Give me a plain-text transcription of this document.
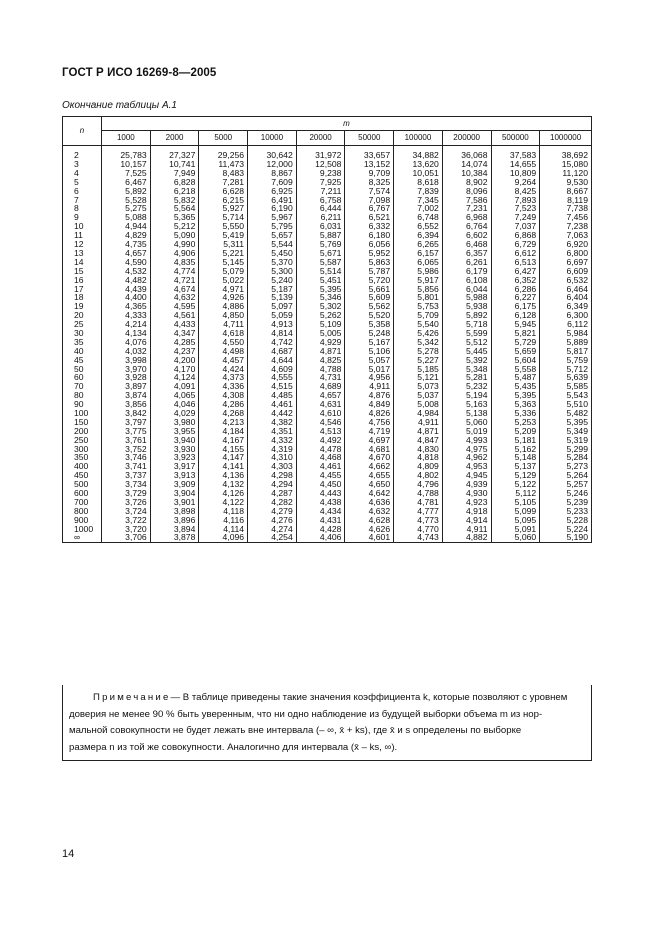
ГОСТ Р ИСО 16269-8—2005
Окончание таблицы А.1
n	m									
	1000	2000	5000	10000	20000	50000	100000	200000	500000	1000000
2	25,783	27,327	29,256	30,642	31,972	33,657	34,882	36,068	37,583	38,692
3	10,157	10,741	11,473	12,000	12,508	13,152	13,620	14,074	14,655	15,080
4	7,525	7,949	8,483	8,867	9,238	9,709	10,051	10,384	10,809	11,120
5	6,467	6,828	7,281	7,609	7,925	8,325	8,618	8,902	9,264	9,530
6	5,892	6,218	6,628	6,925	7,211	7,574	7,839	8,096	8,425	8,667
7	5,528	5,832	6,215	6,491	6,758	7,098	7,345	7,586	7,893	8,119
8	5,275	5,564	5,927	6,190	6,444	6,767	7,002	7,231	7,523	7,738
9	5,088	5,365	5,714	5,967	6,211	6,521	6,748	6,968	7,249	7,456
10	4,944	5,212	5,550	5,795	6,031	6,332	6,552	6,764	7,037	7,238
11	4,829	5,090	5,419	5,657	5,887	6,180	6,394	6,602	6,868	7,063
12	4,735	4,990	5,311	5,544	5,769	6,056	6,265	6,468	6,729	6,920
13	4,657	4,906	5,221	5,450	5,671	5,952	6,157	6,357	6,612	6,800
14	4,590	4,835	5,145	5,370	5,587	5,863	6,065	6,261	6,513	6,697
15	4,532	4,774	5,079	5,300	5,514	5,787	5,986	6,179	6,427	6,609
16	4,482	4,721	5,022	5,240	5,451	5,720	5,917	6,108	6,352	6,532
17	4,439	4,674	4,971	5,187	5,395	5,661	5,856	6,044	6,286	6,464
18	4,400	4,632	4,926	5,139	5,346	5,609	5,801	5,988	6,227	6,404
19	4,365	4,595	4,886	5,097	5,302	5,562	5,753	5,938	6,175	6,349
20	4,333	4,561	4,850	5,059	5,262	5,520	5,709	5,892	6,128	6,300
25	4,214	4,433	4,711	4,913	5,109	5,358	5,540	5,718	5,945	6,112
30	4,134	4,347	4,618	4,814	5,005	5,248	5,426	5,599	5,821	5,984
35	4,076	4,285	4,550	4,742	4,929	5,167	5,342	5,512	5,729	5,889
40	4,032	4,237	4,498	4,687	4,871	5,106	5,278	5,445	5,659	5,817
45	3,998	4,200	4,457	4,644	4,825	5,057	5,227	5,392	5,604	5,759
50	3,970	4,170	4,424	4,609	4,788	5,017	5,185	5,348	5,558	5,712
60	3,928	4,124	4,373	4,555	4,731	4,956	5,121	5,281	5,487	5,639
70	3,897	4,091	4,336	4,515	4,689	4,911	5,073	5,232	5,435	5,585
80	3,874	4,065	4,308	4,485	4,657	4,876	5,037	5,194	5,395	5,543
90	3,856	4,046	4,286	4,461	4,631	4,849	5,008	5,163	5,363	5,510
100	3,842	4,029	4,268	4,442	4,610	4,826	4,984	5,138	5,336	5,482
150	3,797	3,980	4,213	4,382	4,546	4,756	4,911	5,060	5,253	5,395
200	3,775	3,955	4,184	4,351	4,513	4,719	4,871	5,019	5,209	5,349
250	3,761	3,940	4,167	4,332	4,492	4,697	4,847	4,993	5,181	5,319
300	3,752	3,930	4,155	4,319	4,478	4,681	4,830	4,975	5,162	5,299
350	3,746	3,923	4,147	4,310	4,468	4,670	4,818	4,962	5,148	5,284
400	3,741	3,917	4,141	4,303	4,461	4,662	4,809	4,953	5,137	5,273
450	3,737	3,913	4,136	4,298	4,455	4,655	4,802	4,945	5,129	5,264
500	3,734	3,909	4,132	4,294	4,450	4,650	4,796	4,939	5,122	5,257
600	3,729	3,904	4,126	4,287	4,443	4,642	4,788	4,930	5,112	5,246
700	3,726	3,901	4,122	4,282	4,438	4,636	4,781	4,923	5,105	5,239
800	3,724	3,898	4,118	4,279	4,434	4,632	4,777	4,918	5,099	5,233
900	3,722	3,896	4,116	4,276	4,431	4,628	4,773	4,914	5,095	5,228
1000	3,720	3,894	4,114	4,274	4,428	4,626	4,770	4,911	5,091	5,224
∞	3,706	3,878	4,096	4,254	4,406	4,601	4,743	4,882	5,060	5,190
Примечание— В таблице приведены такие значения коэффициента k, которые позволяют с уровнем
доверия не менее 90 % быть уверенным, что ни одно наблюдение из будущей выборки объема m из нор-
мальной совокупности не будет лежать вне интервала (– ∞, x̄ + ks), где x̄ и s определены по выборке
размера n из той же совокупности. Аналогично для интервала (x̄ – ks, ∞).
14
